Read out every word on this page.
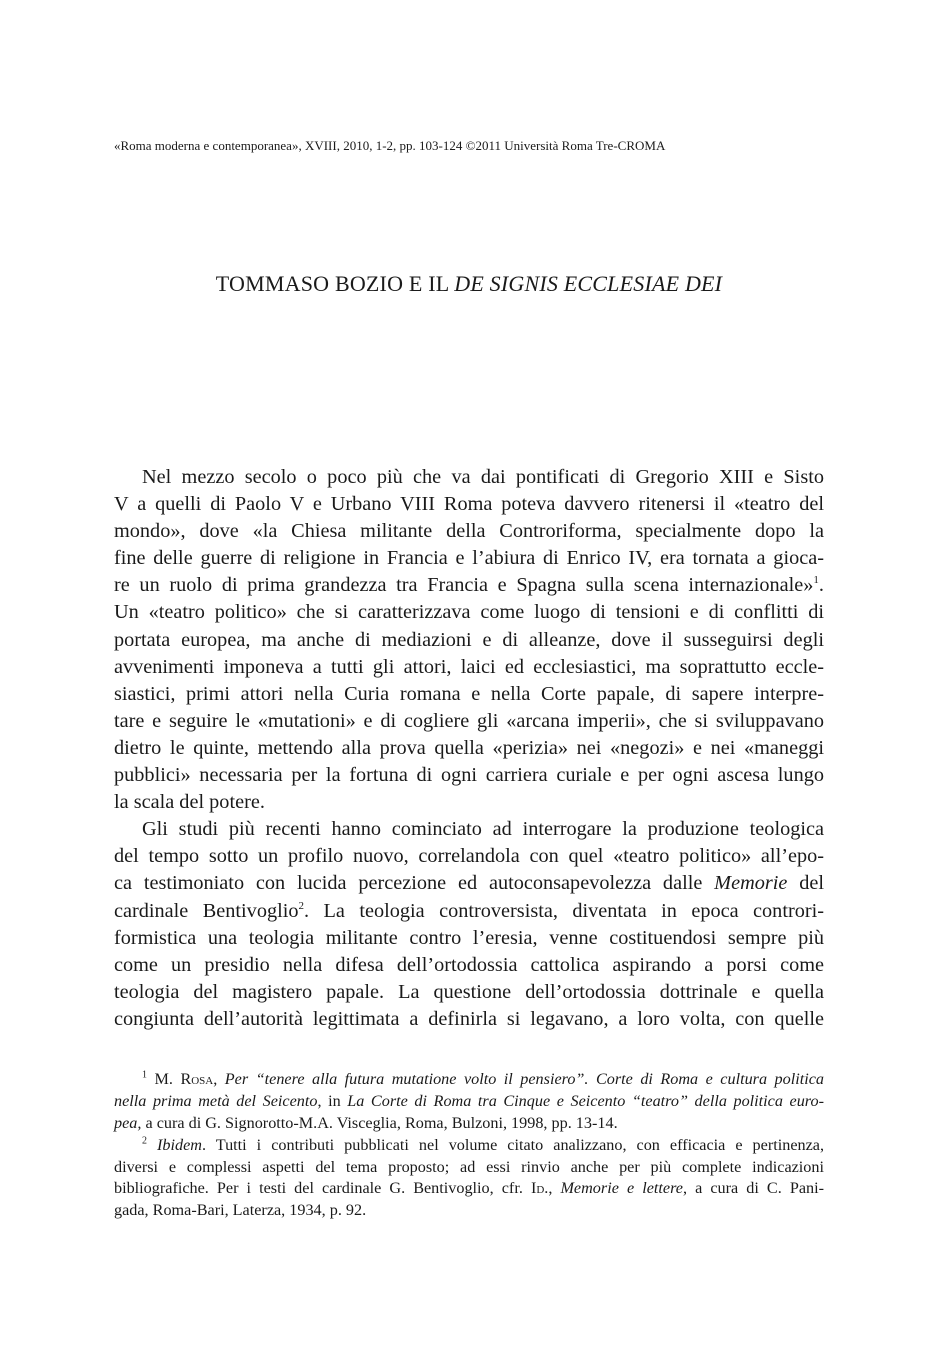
«Roma moderna e contemporanea», XVIII, 2010, 1-2, pp. 103-124 ©2011 Università Roma Tre-CROMA
TOMMASO BOZIO E IL DE SIGNIS ECCLESIAE DEI
Nel mezzo secolo o poco più che va dai pontificati di Gregorio XIII e Sisto
V a quelli di Paolo V e Urbano VIII Roma poteva davvero ritenersi il «teatro del
mondo», dove «la Chiesa militante della Controriforma, specialmente dopo la
fine delle guerre di religione in Francia e l’abiura di Enrico IV, era tornata a gioca-
re un ruolo di prima grandezza tra Francia e Spagna sulla scena internazionale»$^1$.
Un «teatro politico» che si caratterizzava come luogo di tensioni e di conflitti di
portata europea, ma anche di mediazioni e di alleanze, dove il susseguirsi degli
avvenimenti imponeva a tutti gli attori, laici ed ecclesiastici, ma soprattutto eccle-
siastici, primi attori nella Curia romana e nella Corte papale, di sapere interpre-
tare e seguire le «mutationi» e di cogliere gli «arcana imperii», che si sviluppavano
dietro le quinte, mettendo alla prova quella «perizia» nei «negozi» e nei «maneggi
pubblici» necessaria per la fortuna di ogni carriera curiale e per ogni ascesa lungo
la scala del potere.
Gli studi più recenti hanno cominciato ad interrogare la produzione teologica
del tempo sotto un profilo nuovo, correlandola con quel «teatro politico» all’epo-
ca testimoniato con lucida percezione ed autoconsapevolezza dalle Memorie del
cardinale Bentivoglio$^2$. La teologia controversista, diventata in epoca controri-
formistica una teologia militante contro l’eresia, venne costituendosi sempre più
come un presidio nella difesa dell’ortodossia cattolica aspirando a porsi come
teologia del magistero papale. La questione dell’ortodossia dottrinale e quella
congiunta dell’autorità legittimata a definirla si legavano, a loro volta, con quelle
$^1$ M. Rosa, Per “tenere alla futura mutatione volto il pensiero”. Corte di Roma e cultura politica
nella prima metà del Seicento, in La Corte di Roma tra Cinque e Seicento “teatro” della politica euro-
pea, a cura di G. Signorotto-M.A. Visceglia, Roma, Bulzoni, 1998, pp. 13-14.
$^2$ Ibidem. Tutti i contributi pubblicati nel volume citato analizzano, con efficacia e pertinenza,
diversi e complessi aspetti del tema proposto; ad essi rinvio anche per più complete indicazioni
bibliografiche. Per i testi del cardinale G. Bentivoglio, cfr. Id., Memorie e lettere, a cura di C. Pani-
gada, Roma-Bari, Laterza, 1934, p. 92.
